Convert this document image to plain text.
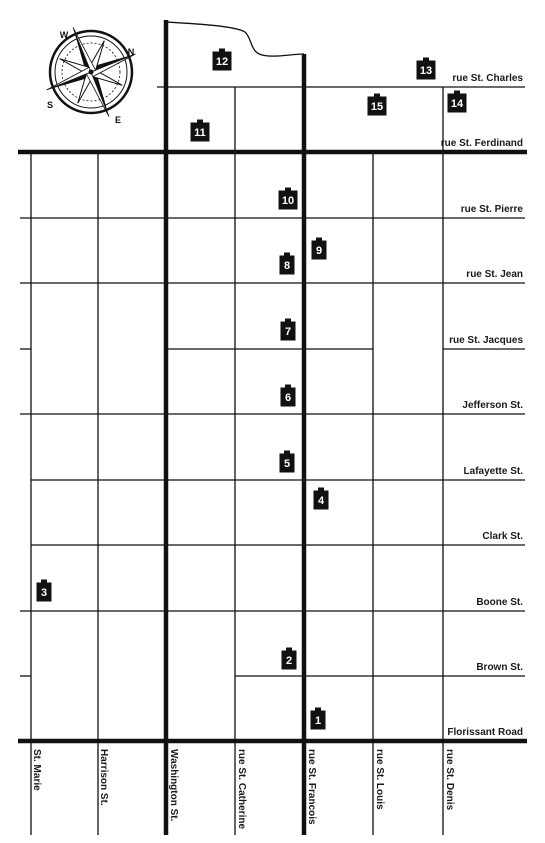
N
W
E
S
rue St. Charles
rue St. Ferdinand
rue St. Pierre
rue St. Jean
rue St. Jacques
Jefferson St.
Lafayette St.
Clark St.
Boone St.
Brown St.
Florissant Road
St. Marie	Harrison St.	Washington St.	rue St. Catherine	rue St. Francois	rue St. Louis	rue St. Denis
1
2
3
4
5
6
7
8
9
10
11
12
13
14
15
